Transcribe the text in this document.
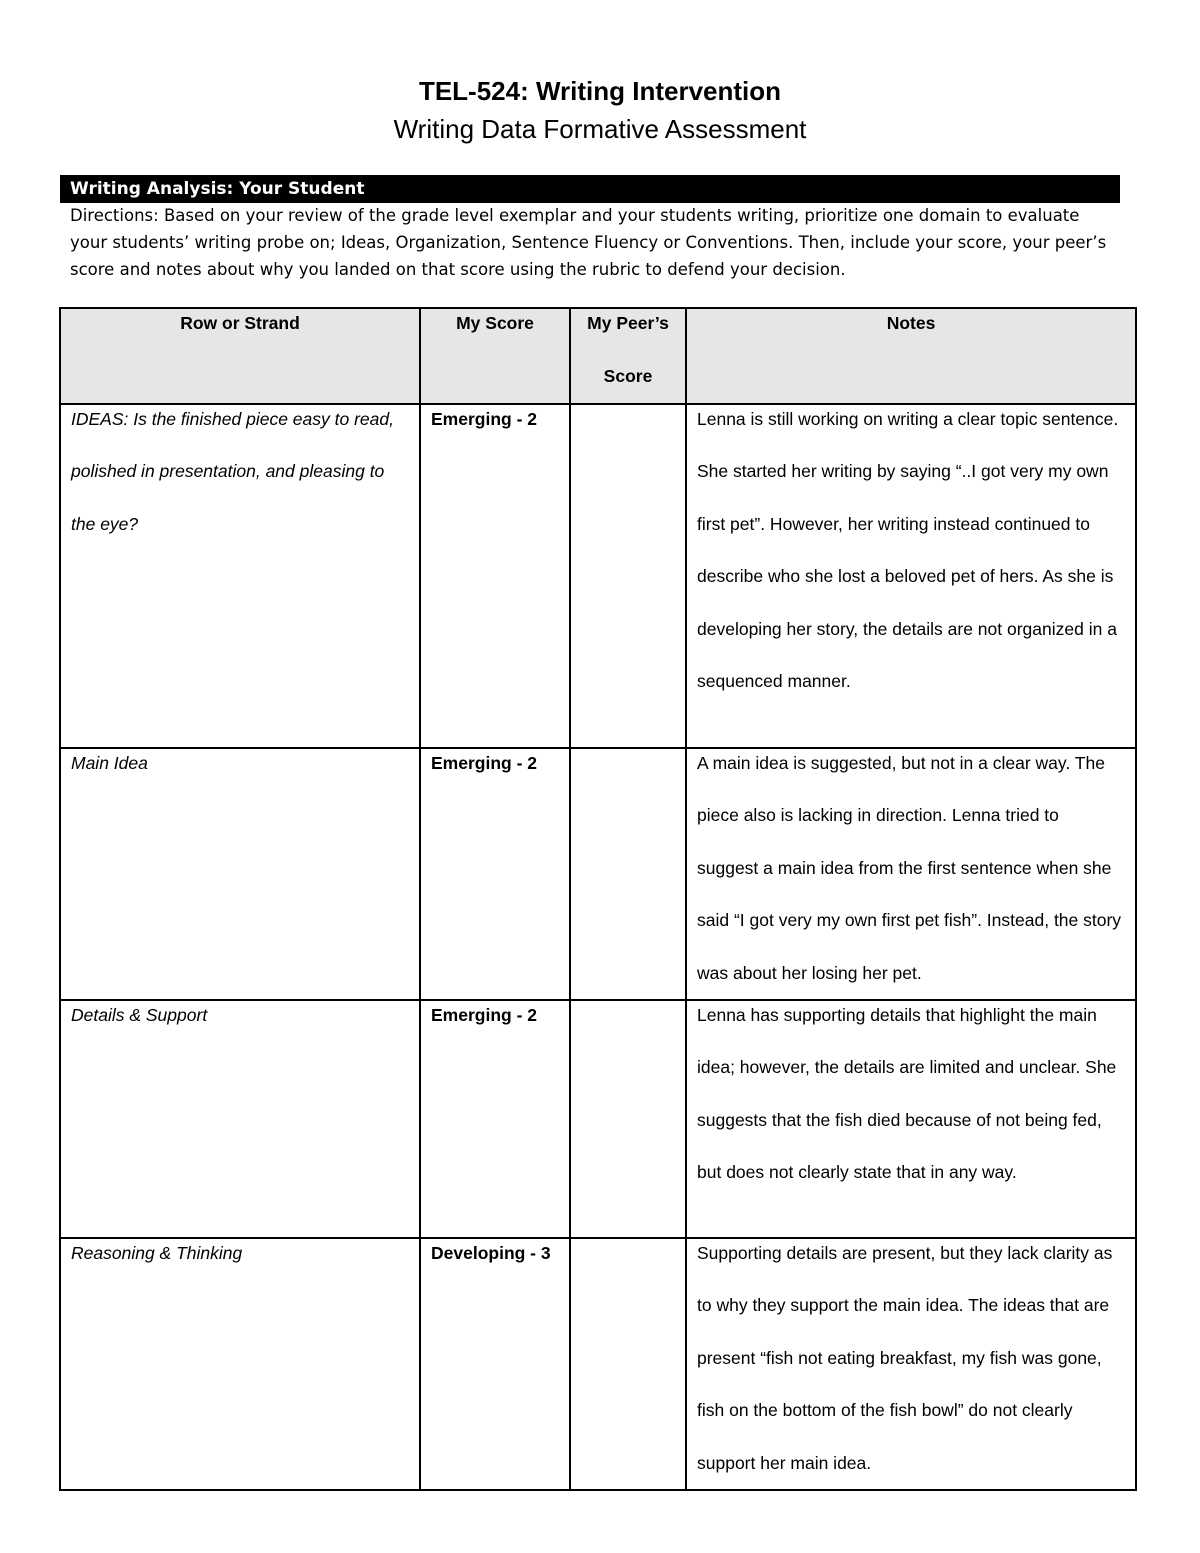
TEL-524: Writing Intervention
Writing Data Formative Assessment
Writing Analysis: Your Student
Directions: Based on your review of the grade level exemplar and your students writing, prioritize one domain to evaluate your students’ writing probe on; Ideas, Organization, Sentence Fluency or Conventions. Then, include your score, your peer’s score and notes about why you landed on that score using the rubric to defend your decision.
Row or Strand	My Score	My Peer’s Score	Notes

IDEAS: Is the finished piece easy to read, polished in presentation, and pleasing to the eye?	Emerging - 2		Lenna is still working on writing a clear topic sentence. She started her writing by saying “..I got very my own first pet”. However, her writing instead continued to describe who she lost a beloved pet of hers. As she is developing her story, the details are not organized in a sequenced manner.

Main Idea	Emerging - 2		A main idea is suggested, but not in a clear way. The piece also is lacking in direction. Lenna tried to suggest a main idea from the first sentence when she said “I got very my own first pet fish”. Instead, the story was about her losing her pet.

Details & Support	Emerging - 2		Lenna has supporting details that highlight the main idea; however, the details are limited and unclear. She suggests that the fish died because of not being fed, but does not clearly state that in any way.

Reasoning & Thinking	Developing - 3		Supporting details are present, but they lack clarity as to why they support the main idea. The ideas that are present “fish not eating breakfast, my fish was gone, fish on the bottom of the fish bowl” do not clearly support her main idea.
